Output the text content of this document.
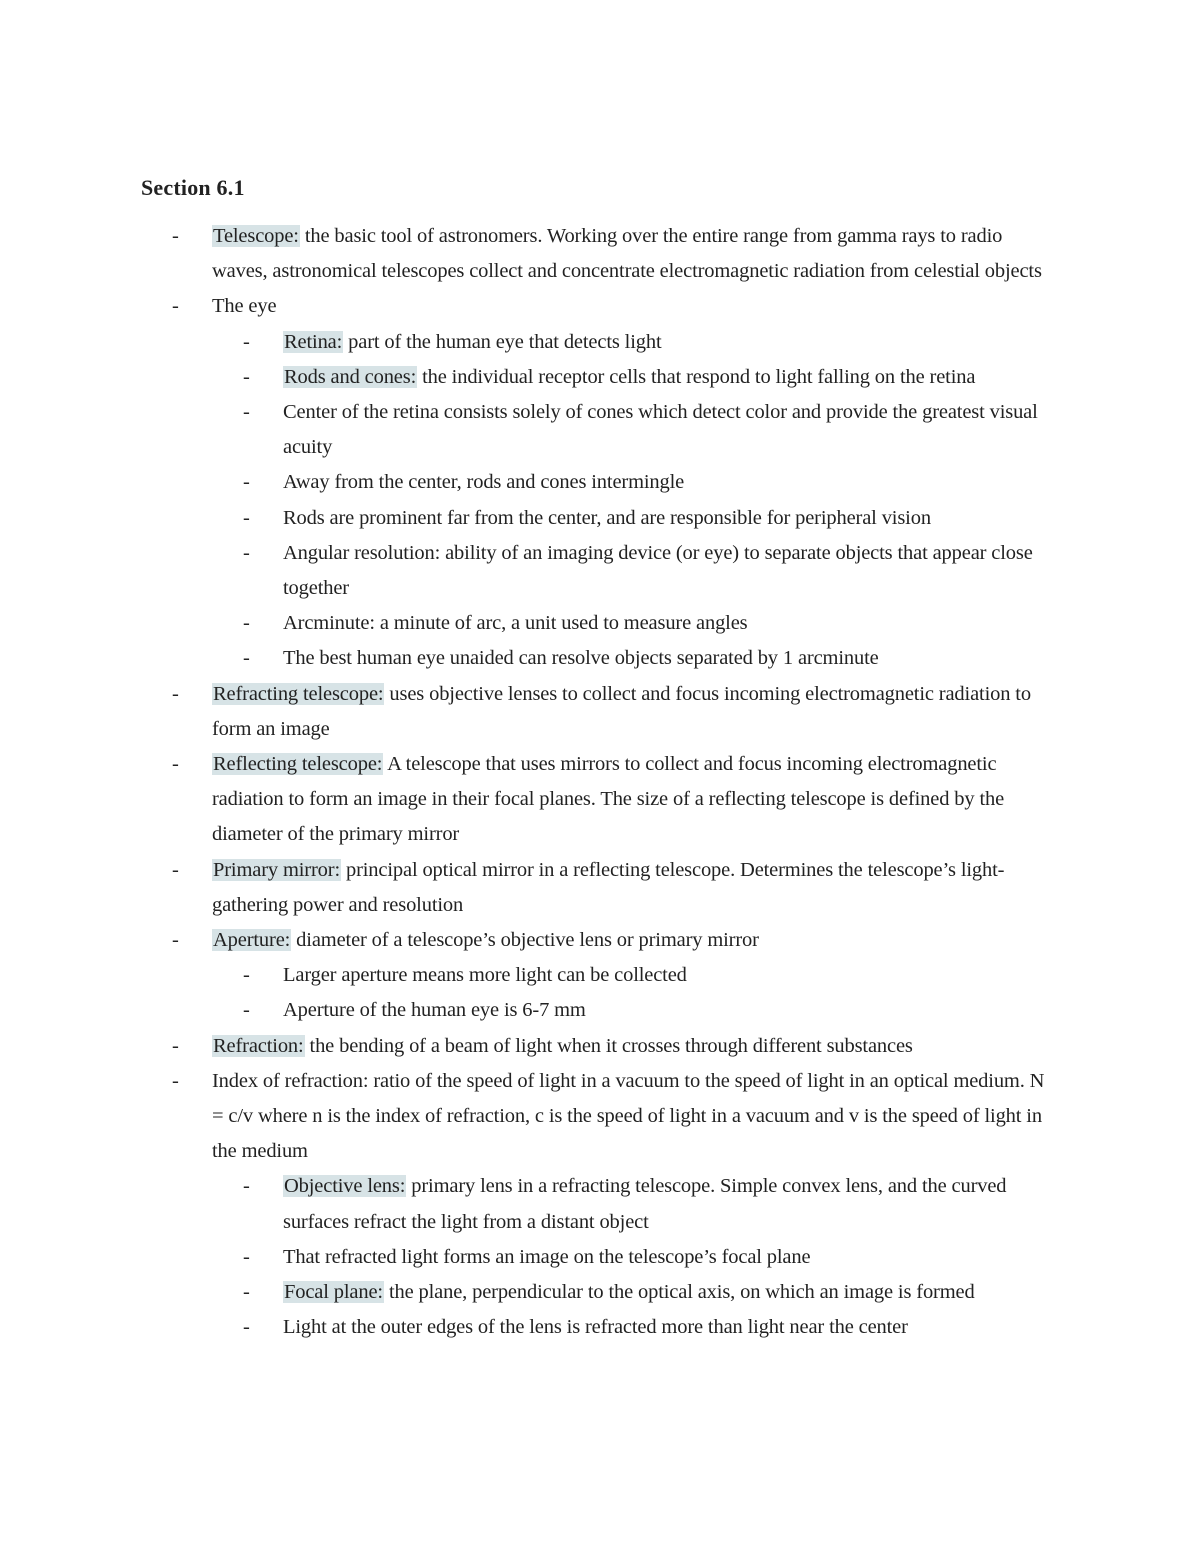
Section 6.1
- Telescope: the basic tool of astronomers. Working over the entire range from gamma rays to radio waves, astronomical telescopes collect and concentrate electromagnetic radiation from celestial objects
- The eye
- Retina: part of the human eye that detects light
- Rods and cones: the individual receptor cells that respond to light falling on the retina
- Center of the retina consists solely of cones which detect color and provide the greatest visual acuity
- Away from the center, rods and cones intermingle
- Rods are prominent far from the center, and are responsible for peripheral vision
- Angular resolution: ability of an imaging device (or eye) to separate objects that appear close together
- Arcminute: a minute of arc, a unit used to measure angles
- The best human eye unaided can resolve objects separated by 1 arcminute
- Refracting telescope: uses objective lenses to collect and focus incoming electromagnetic radiation to form an image
- Reflecting telescope: A telescope that uses mirrors to collect and focus incoming electromagnetic radiation to form an image in their focal planes. The size of a reflecting telescope is defined by the diameter of the primary mirror
- Primary mirror: principal optical mirror in a reflecting telescope. Determines the telescope’s light-gathering power and resolution
- Aperture: diameter of a telescope’s objective lens or primary mirror
- Larger aperture means more light can be collected
- Aperture of the human eye is 6-7 mm
- Refraction: the bending of a beam of light when it crosses through different substances
- Index of refraction: ratio of the speed of light in a vacuum to the speed of light in an optical medium. N = c/v where n is the index of refraction, c is the speed of light in a vacuum and v is the speed of light in the medium
- Objective lens: primary lens in a refracting telescope. Simple convex lens, and the curved surfaces refract the light from a distant object
- That refracted light forms an image on the telescope’s focal plane
- Focal plane: the plane, perpendicular to the optical axis, on which an image is formed
- Light at the outer edges of the lens is refracted more than light near the center
